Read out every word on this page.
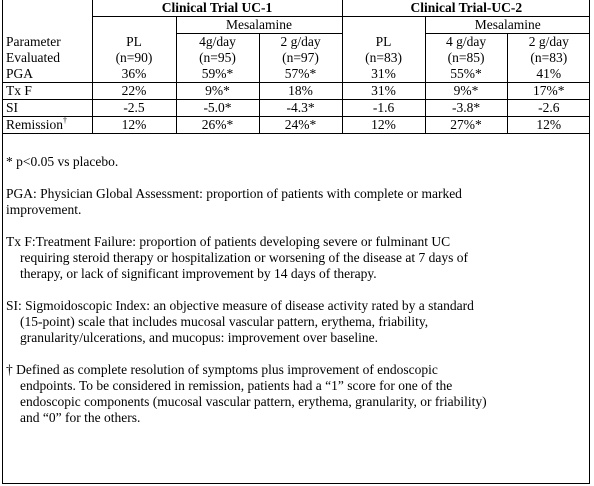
	Clinical Trial UC-1			Clinical Trial-UC-2		
		Mesalamine			Mesalamine	
Parameter	PL	4g/day	2 g/day	PL	4 g/day	2 g/day
Evaluated	(n=90)	(n=95)	(n=97)	(n=83)	(n=85)	(n=83)
PGA	36%	59%*	57%*	31%	55%*	41%
Tx F	22%	9%*	18%	31%	9%*	17%*
SI	-2.5	-5.0*	-4.3*	-1.6	-3.8*	-2.6
Remission†	12%	26%*	24%*	12%	27%*	12%

* p<0.05 vs placebo.

PGA: Physician Global Assessment: proportion of patients with complete or marked
improvement.
Tx F:Treatment Failure: proportion of patients developing severe or fulminant UC
requiring steroid therapy or hospitalization or worsening of the disease at 7 days of
therapy, or lack of significant improvement by 14 days of therapy.
SI: Sigmoidoscopic Index: an objective measure of disease activity rated by a standard
(15-point) scale that includes mucosal vascular pattern, erythema, friability,
granularity/ulcerations, and mucopus: improvement over baseline.
† Defined as complete resolution of symptoms plus improvement of endoscopic
endpoints. To be considered in remission, patients had a “1” score for one of the
endoscopic components (mucosal vascular pattern, erythema, granularity, or friability)
and “0” for the others.
